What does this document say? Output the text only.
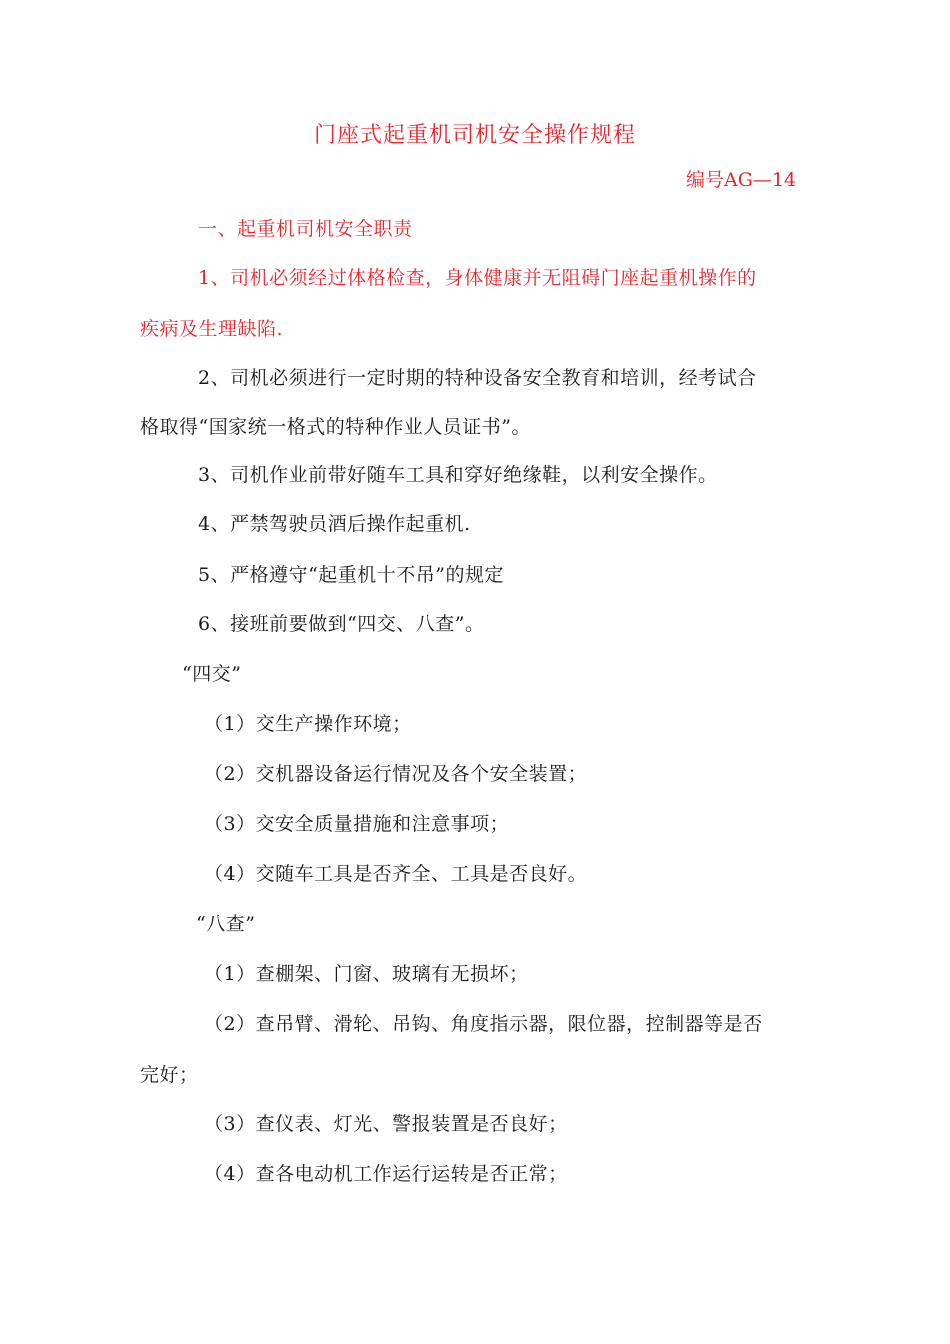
门座式起重机司机安全操作规程
编号AG—14
一、起重机司机安全职责
1、司机必须经过体格检查，身体健康并无阻碍门座起重机操作的
疾病及生理缺陷.
2、司机必须进行一定时期的特种设备安全教育和培训，经考试合
格取得“国家统一格式的特种作业人员证书”。
3、司机作业前带好随车工具和穿好绝缘鞋，以利安全操作。
4、严禁驾驶员酒后操作起重机.
5、严格遵守“起重机十不吊”的规定
6、接班前要做到“四交、八查”。
“四交”
（1）交生产操作环境；
（2）交机器设备运行情况及各个安全装置；
（3）交安全质量措施和注意事项；
（4）交随车工具是否齐全、工具是否良好。
“八查”
（1）查棚架、门窗、玻璃有无损坏；
（2）查吊臂、滑轮、吊钩、角度指示器，限位器，控制器等是否
完好；
（3）查仪表、灯光、警报装置是否良好；
（4）查各电动机工作运行运转是否正常；
